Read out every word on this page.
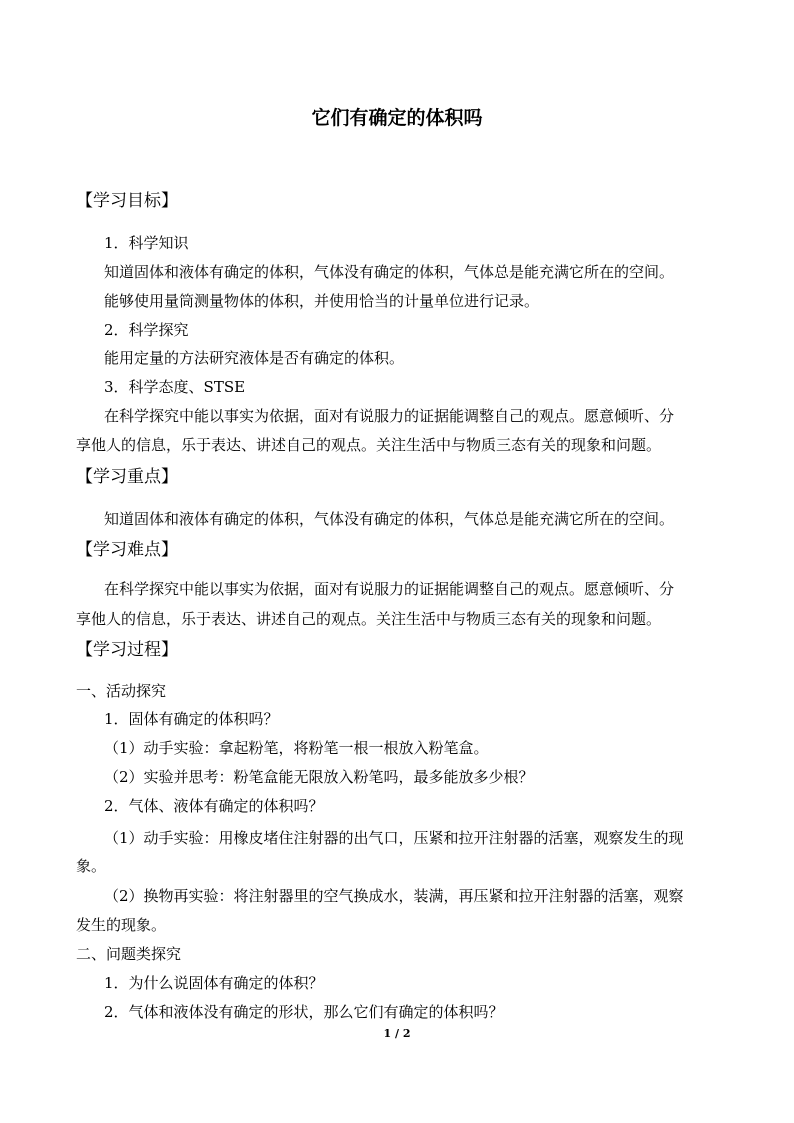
它们有确定的体积吗
【学习目标】
1．科学知识
知道固体和液体有确定的体积，气体没有确定的体积，气体总是能充满它所在的空间。
能够使用量筒测量物体的体积，并使用恰当的计量单位进行记录。
2．科学探究
能用定量的方法研究液体是否有确定的体积。
3．科学态度、STSE
在科学探究中能以事实为依据，面对有说服力的证据能调整自己的观点。愿意倾听、分
享他人的信息，乐于表达、讲述自己的观点。关注生活中与物质三态有关的现象和问题。
【学习重点】
知道固体和液体有确定的体积，气体没有确定的体积，气体总是能充满它所在的空间。
【学习难点】
在科学探究中能以事实为依据，面对有说服力的证据能调整自己的观点。愿意倾听、分
享他人的信息，乐于表达、讲述自己的观点。关注生活中与物质三态有关的现象和问题。
【学习过程】
一、活动探究
1．固体有确定的体积吗？
（1）动手实验：拿起粉笔，将粉笔一根一根放入粉笔盒。
（2）实验并思考：粉笔盒能无限放入粉笔吗，最多能放多少根？
2．气体、液体有确定的体积吗？
（1）动手实验：用橡皮堵住注射器的出气口，压紧和拉开注射器的活塞，观察发生的现
象。
（2）换物再实验：将注射器里的空气换成水，装满，再压紧和拉开注射器的活塞，观察
发生的现象。
二、问题类探究
1．为什么说固体有确定的体积？
2．气体和液体没有确定的形状，那么它们有确定的体积吗？
1 / 2
